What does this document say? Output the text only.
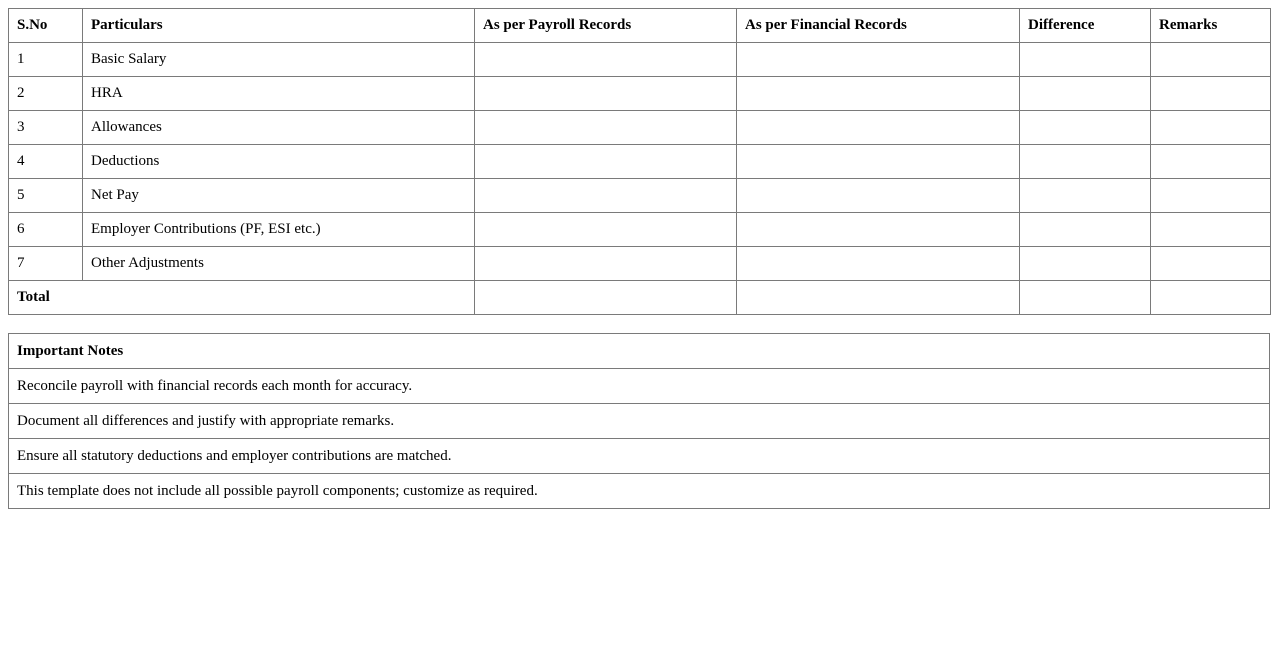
S.No	Particulars	As per Payroll Records	As per Financial Records	Difference	Remarks
1	Basic Salary				
2	HRA				
3	Allowances				
4	Deductions				
5	Net Pay				
6	Employer Contributions (PF, ESI etc.)				
7	Other Adjustments				
Total					
Important Notes
Reconcile payroll with financial records each month for accuracy.
Document all differences and justify with appropriate remarks.
Ensure all statutory deductions and employer contributions are matched.
This template does not include all possible payroll components; customize as required.
